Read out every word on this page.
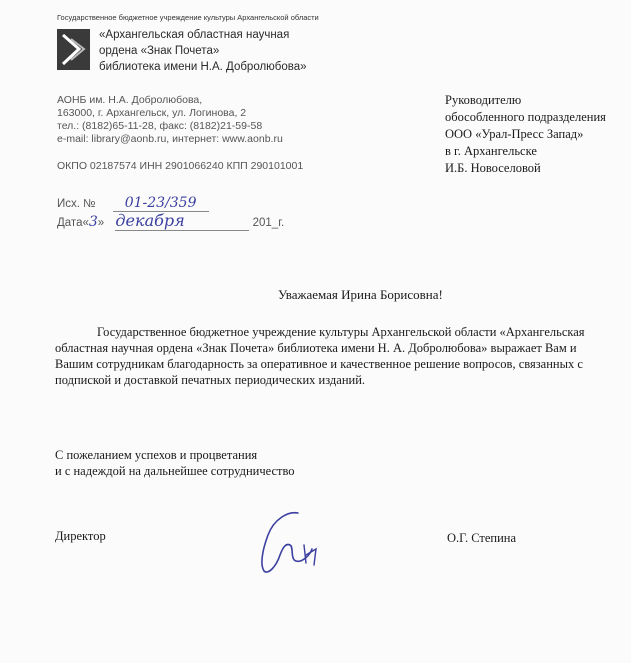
Государственное бюджетное учреждение культуры Архангельской области
«Архангельская областная научная
ордена «Знак Почета»
библиотека имени Н.А. Добролюбова»
АОНБ им. Н.А. Добролюбова,
163000, г. Архангельск, ул. Логинова, 2
тел.: (8182)65-11-28, факс: (8182)21-59-58
e-mail: library@aonb.ru, интернет: www.aonb.ru
ОКПО 02187574 ИНН 2901066240 КПП 290101001
Исх. № 01-23/359
Дата«3» декабря	201_г.
Руководителю
обособленного подразделения
ООО «Урал-Пресс Запад»
в г. Архангельске
И.Б. Новоселовой
Уважаемая Ирина Борисовна!
Государственное бюджетное учреждение культуры Архангельской области «Архангельская
областная научная ордена «Знак Почета» библиотека имени Н. А. Добролюбова» выражает Вам и
Вашим сотрудникам благодарность за оперативное и качественное решение вопросов, связанных с
подпиской и доставкой печатных периодических изданий.
С пожеланием успехов и процветания
и с надеждой на дальнейшее сотрудничество
Директор	О.Г. Степина
